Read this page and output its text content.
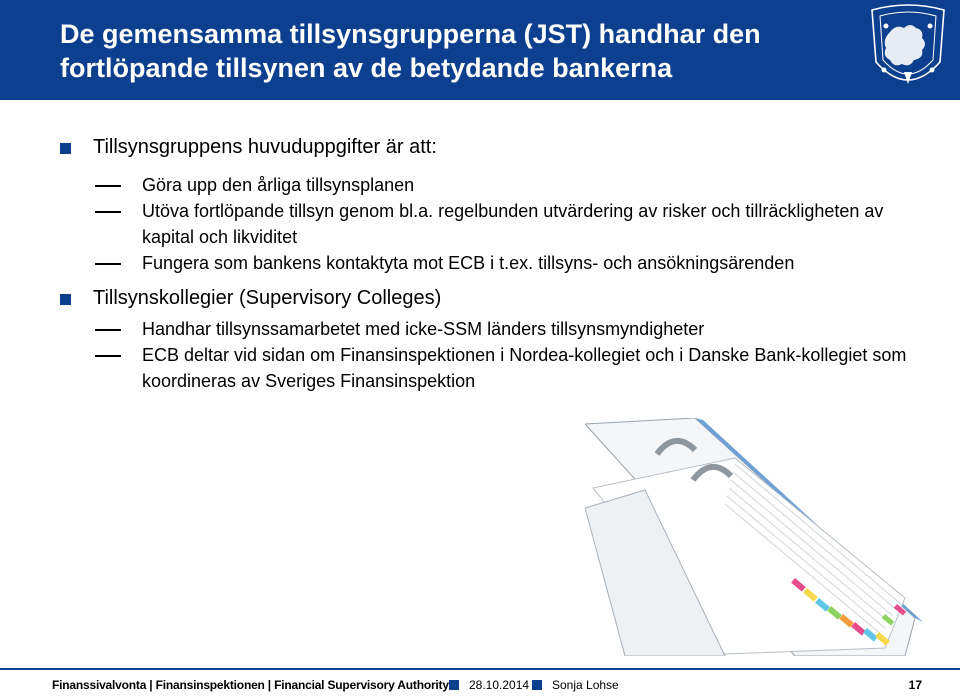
De gemensamma tillsynsgrupperna (JST) handhar den fortlöpande tillsynen av de betydande bankerna
Tillsynsgruppens huvuduppgifter är att:
Göra upp den årliga tillsynsplanen
Utöva fortlöpande tillsyn genom bl.a. regelbunden utvärdering av risker och tillräckligheten av kapital och likviditet
Fungera som bankens kontaktyta mot ECB i t.ex. tillsyns- och ansökningsärenden
Tillsynskollegier (Supervisory Colleges)
Handhar tillsynssamarbetet med icke-SSM länders tillsynsmyndigheter
ECB deltar vid sidan om Finansinspektionen i Nordea-kollegiet och i Danske Bank-kollegiet som koordineras av Sveriges Finansinspektion
Finanssivalvonta | Finansinspektionen | Financial Supervisory Authority 28.10.2014 Sonja Lohse	17
